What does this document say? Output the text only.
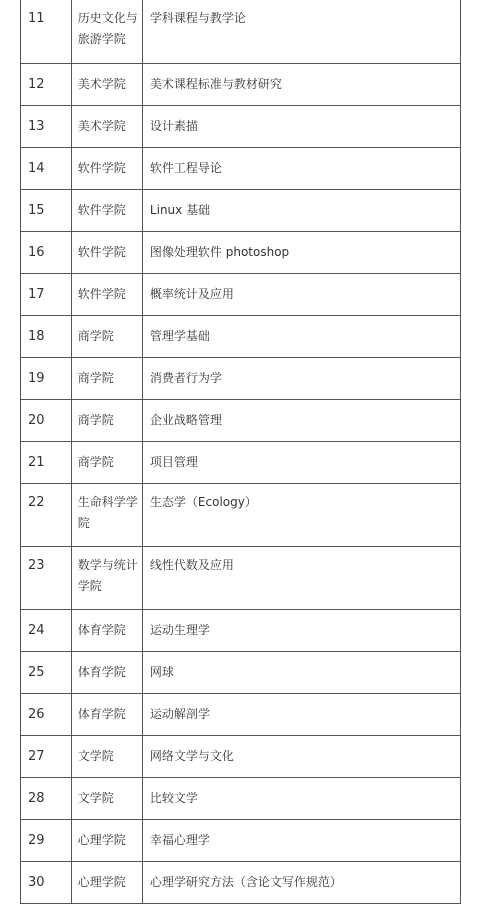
11	历史文化与旅游学院	学科课程与教学论
12	美术学院	美术课程标准与教材研究
13	美术学院	设计素描
14	软件学院	软件工程导论
15	软件学院	Linux 基础
16	软件学院	图像处理软件 photoshop
17	软件学院	概率统计及应用
18	商学院	管理学基础
19	商学院	消费者行为学
20	商学院	企业战略管理
21	商学院	项目管理
22	生命科学学院	生态学（Ecology）
23	数学与统计学院	线性代数及应用
24	体育学院	运动生理学
25	体育学院	网球
26	体育学院	运动解剖学
27	文学院	网络文学与文化
28	文学院	比较文学
29	心理学院	幸福心理学
30	心理学院	心理学研究方法（含论文写作规范）
